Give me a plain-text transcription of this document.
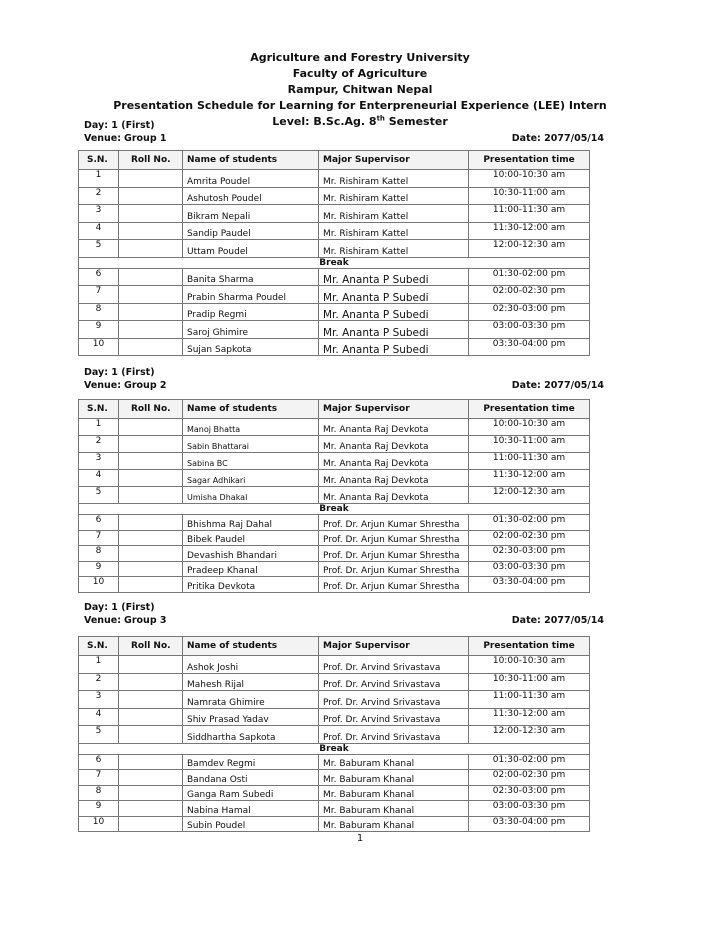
Agriculture and Forestry University
Faculty of Agriculture
Rampur, Chitwan Nepal
Presentation Schedule for Learning for Enterpreneurial Experience (LEE) Intern
Level: B.Sc.Ag. 8th Semester
Day: 1 (First)
Venue: Group 1	Date: 2077/05/14
S.N.	Roll No.	Name of students	Major Supervisor	Presentation time
1		Amrita Poudel	Mr. Rishiram Kattel	10:00-10:30 am
2		Ashutosh Poudel	Mr. Rishiram Kattel	10:30-11:00 am
3		Bikram Nepali	Mr. Rishiram Kattel	11:00-11:30 am
4		Sandip Paudel	Mr. Rishiram Kattel	11:30-12:00 am
5		Uttam Poudel	Mr. Rishiram Kattel	12:00-12:30 am
Break				
6		Banita Sharma	Mr. Ananta P Subedi	01:30-02:00 pm
7		Prabin Sharma Poudel	Mr. Ananta P Subedi	02:00-02:30 pm
8		Pradip Regmi	Mr. Ananta P Subedi	02:30-03:00 pm
9		Saroj Ghimire	Mr. Ananta P Subedi	03:00-03:30 pm
10		Sujan Sapkota	Mr. Ananta P Subedi	03:30-04:00 pm
Day: 1 (First)
Venue: Group 2	Date: 2077/05/14
S.N.	Roll No.	Name of students	Major Supervisor	Presentation time
1		Manoj Bhatta	Mr. Ananta Raj Devkota	10:00-10:30 am
2		Sabin Bhattarai	Mr. Ananta Raj Devkota	10:30-11:00 am
3		Sabina BC	Mr. Ananta Raj Devkota	11:00-11:30 am
4		Sagar Adhikari	Mr. Ananta Raj Devkota	11:30-12:00 am
5		Umisha Dhakal	Mr. Ananta Raj Devkota	12:00-12:30 am
Break				
6		Bhishma Raj Dahal	Prof. Dr. Arjun Kumar Shrestha	01:30-02:00 pm
7		Bibek Paudel	Prof. Dr. Arjun Kumar Shrestha	02:00-02:30 pm
8		Devashish Bhandari	Prof. Dr. Arjun Kumar Shrestha	02:30-03:00 pm
9		Pradeep Khanal	Prof. Dr. Arjun Kumar Shrestha	03:00-03:30 pm
10		Pritika Devkota	Prof. Dr. Arjun Kumar Shrestha	03:30-04:00 pm
Day: 1 (First)
Venue: Group 3	Date: 2077/05/14
S.N.	Roll No.	Name of students	Major Supervisor	Presentation time
1		Ashok Joshi	Prof. Dr. Arvind Srivastava	10:00-10:30 am
2		Mahesh Rijal	Prof. Dr. Arvind Srivastava	10:30-11:00 am
3		Namrata Ghimire	Prof. Dr. Arvind Srivastava	11:00-11:30 am
4		Shiv Prasad Yadav	Prof. Dr. Arvind Srivastava	11:30-12:00 am
5		Siddhartha Sapkota	Prof. Dr. Arvind Srivastava	12:00-12:30 am
Break				
6		Bamdev Regmi	Mr. Baburam Khanal	01:30-02:00 pm
7		Bandana Osti	Mr. Baburam Khanal	02:00-02:30 pm
8		Ganga Ram Subedi	Mr. Baburam Khanal	02:30-03:00 pm
9		Nabina Hamal	Mr. Baburam Khanal	03:00-03:30 pm
10		Subin Poudel	Mr. Baburam Khanal	03:30-04:00 pm
1
